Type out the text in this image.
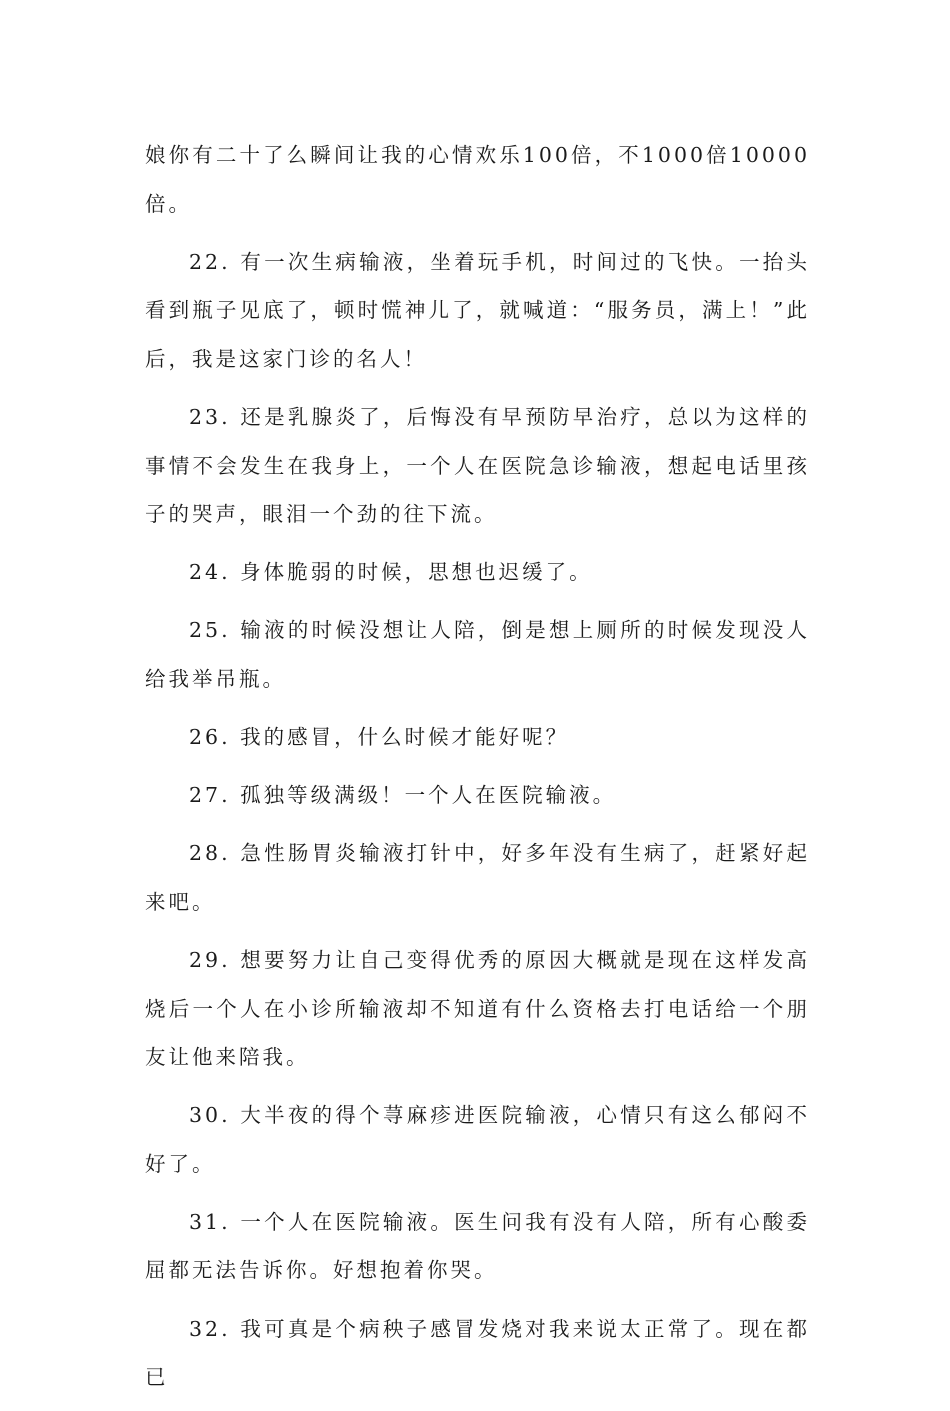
娘你有二十了么瞬间让我的心情欢乐100倍，不1000倍10000倍。

22. 有一次生病输液，坐着玩手机，时间过的飞快。一抬头看到瓶子见底了，顿时慌神儿了，就喊道：“服务员，满上！”此后，我是这家门诊的名人！

23. 还是乳腺炎了，后悔没有早预防早治疗，总以为这样的事情不会发生在我身上，一个人在医院急诊输液，想起电话里孩子的哭声，眼泪一个劲的往下流。

24. 身体脆弱的时候，思想也迟缓了。

25. 输液的时候没想让人陪，倒是想上厕所的时候发现没人给我举吊瓶。

26. 我的感冒，什么时候才能好呢？

27. 孤独等级满级！一个人在医院输液。

28. 急性肠胃炎输液打针中，好多年没有生病了，赶紧好起来吧。

29. 想要努力让自己变得优秀的原因大概就是现在这样发高烧后一个人在小诊所输液却不知道有什么资格去打电话给一个朋友让他来陪我。

30. 大半夜的得个荨麻疹进医院输液，心情只有这么郁闷不好了。

31. 一个人在医院输液。医生问我有没有人陪，所有心酸委屈都无法告诉你。好想抱着你哭。

32. 我可真是个病秧子感冒发烧对我来说太正常了。现在都已
